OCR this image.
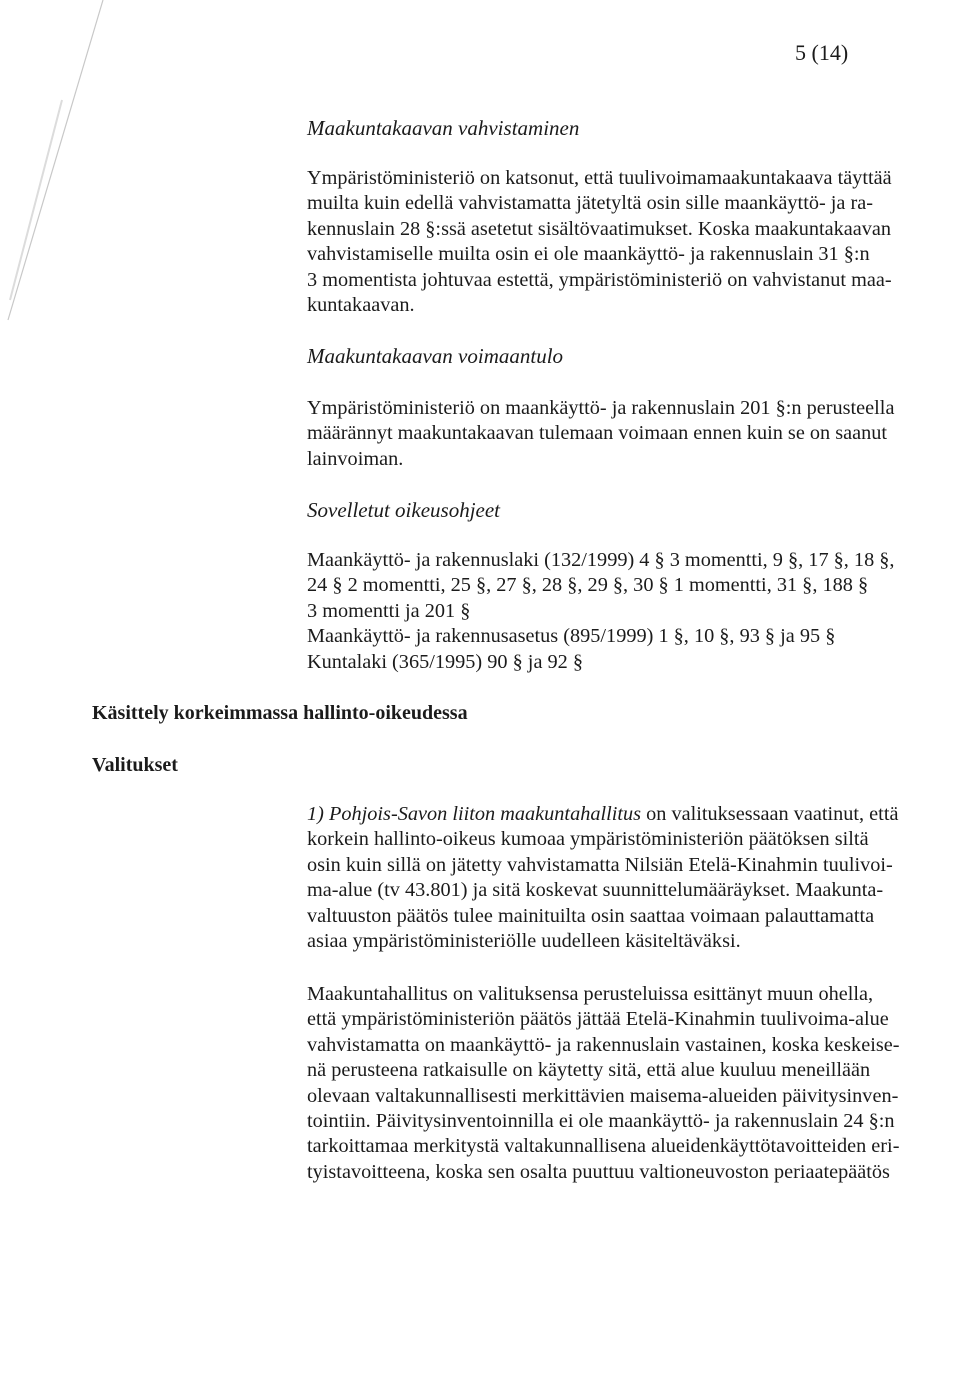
5 (14)
Maakuntakaavan vahvistaminen
Ympäristöministeriö on katsonut, että tuulivoimamaakuntakaava täyttää
muilta kuin edellä vahvistamatta jätetyltä osin sille maankäyttö- ja ra-
kennuslain 28 §:ssä asetetut sisältövaatimukset. Koska maakuntakaavan
vahvistamiselle muilta osin ei ole maankäyttö- ja rakennuslain 31 §:n
3 momentista johtuvaa estettä, ympäristöministeriö on vahvistanut maa-
kuntakaavan.
Maakuntakaavan voimaantulo
Ympäristöministeriö on maankäyttö- ja rakennuslain 201 §:n perusteella
määrännyt maakuntakaavan tulemaan voimaan ennen kuin se on saanut
lainvoiman.
Sovelletut oikeusohjeet
Maankäyttö- ja rakennuslaki (132/1999) 4 § 3 momentti, 9 §, 17 §, 18 §,
24 § 2 momentti, 25 §, 27 §, 28 §, 29 §, 30 § 1 momentti, 31 §, 188 §
3 momentti ja 201 §
Maankäyttö- ja rakennusasetus (895/1999) 1 §, 10 §, 93 § ja 95 §
Kuntalaki (365/1995) 90 § ja 92 §
Käsittely korkeimmassa hallinto-oikeudessa
Valitukset
1) Pohjois-Savon liiton maakuntahallitus on valituksessaan vaatinut, että
korkein hallinto-oikeus kumoaa ympäristöministeriön päätöksen siltä
osin kuin sillä on jätetty vahvistamatta Nilsiän Etelä-Kinahmin tuulivoi-
ma-alue (tv 43.801) ja sitä koskevat suunnittelumääräykset. Maakunta-
valtuuston päätös tulee mainituilta osin saattaa voimaan palauttamatta
asiaa ympäristöministeriölle uudelleen käsiteltäväksi.
Maakuntahallitus on valituksensa perusteluissa esittänyt muun ohella,
että ympäristöministeriön päätös jättää Etelä-Kinahmin tuulivoima-alue
vahvistamatta on maankäyttö- ja rakennuslain vastainen, koska keskeise-
nä perusteena ratkaisulle on käytetty sitä, että alue kuuluu meneillään
olevaan valtakunnallisesti merkittävien maisema-alueiden päivitysinven-
tointiin. Päivitysinventoinnilla ei ole maankäyttö- ja rakennuslain 24 §:n
tarkoittamaa merkitystä valtakunnallisena alueidenkäyttötavoitteiden eri-
tyistavoitteena, koska sen osalta puuttuu valtioneuvoston periaatepäätös
